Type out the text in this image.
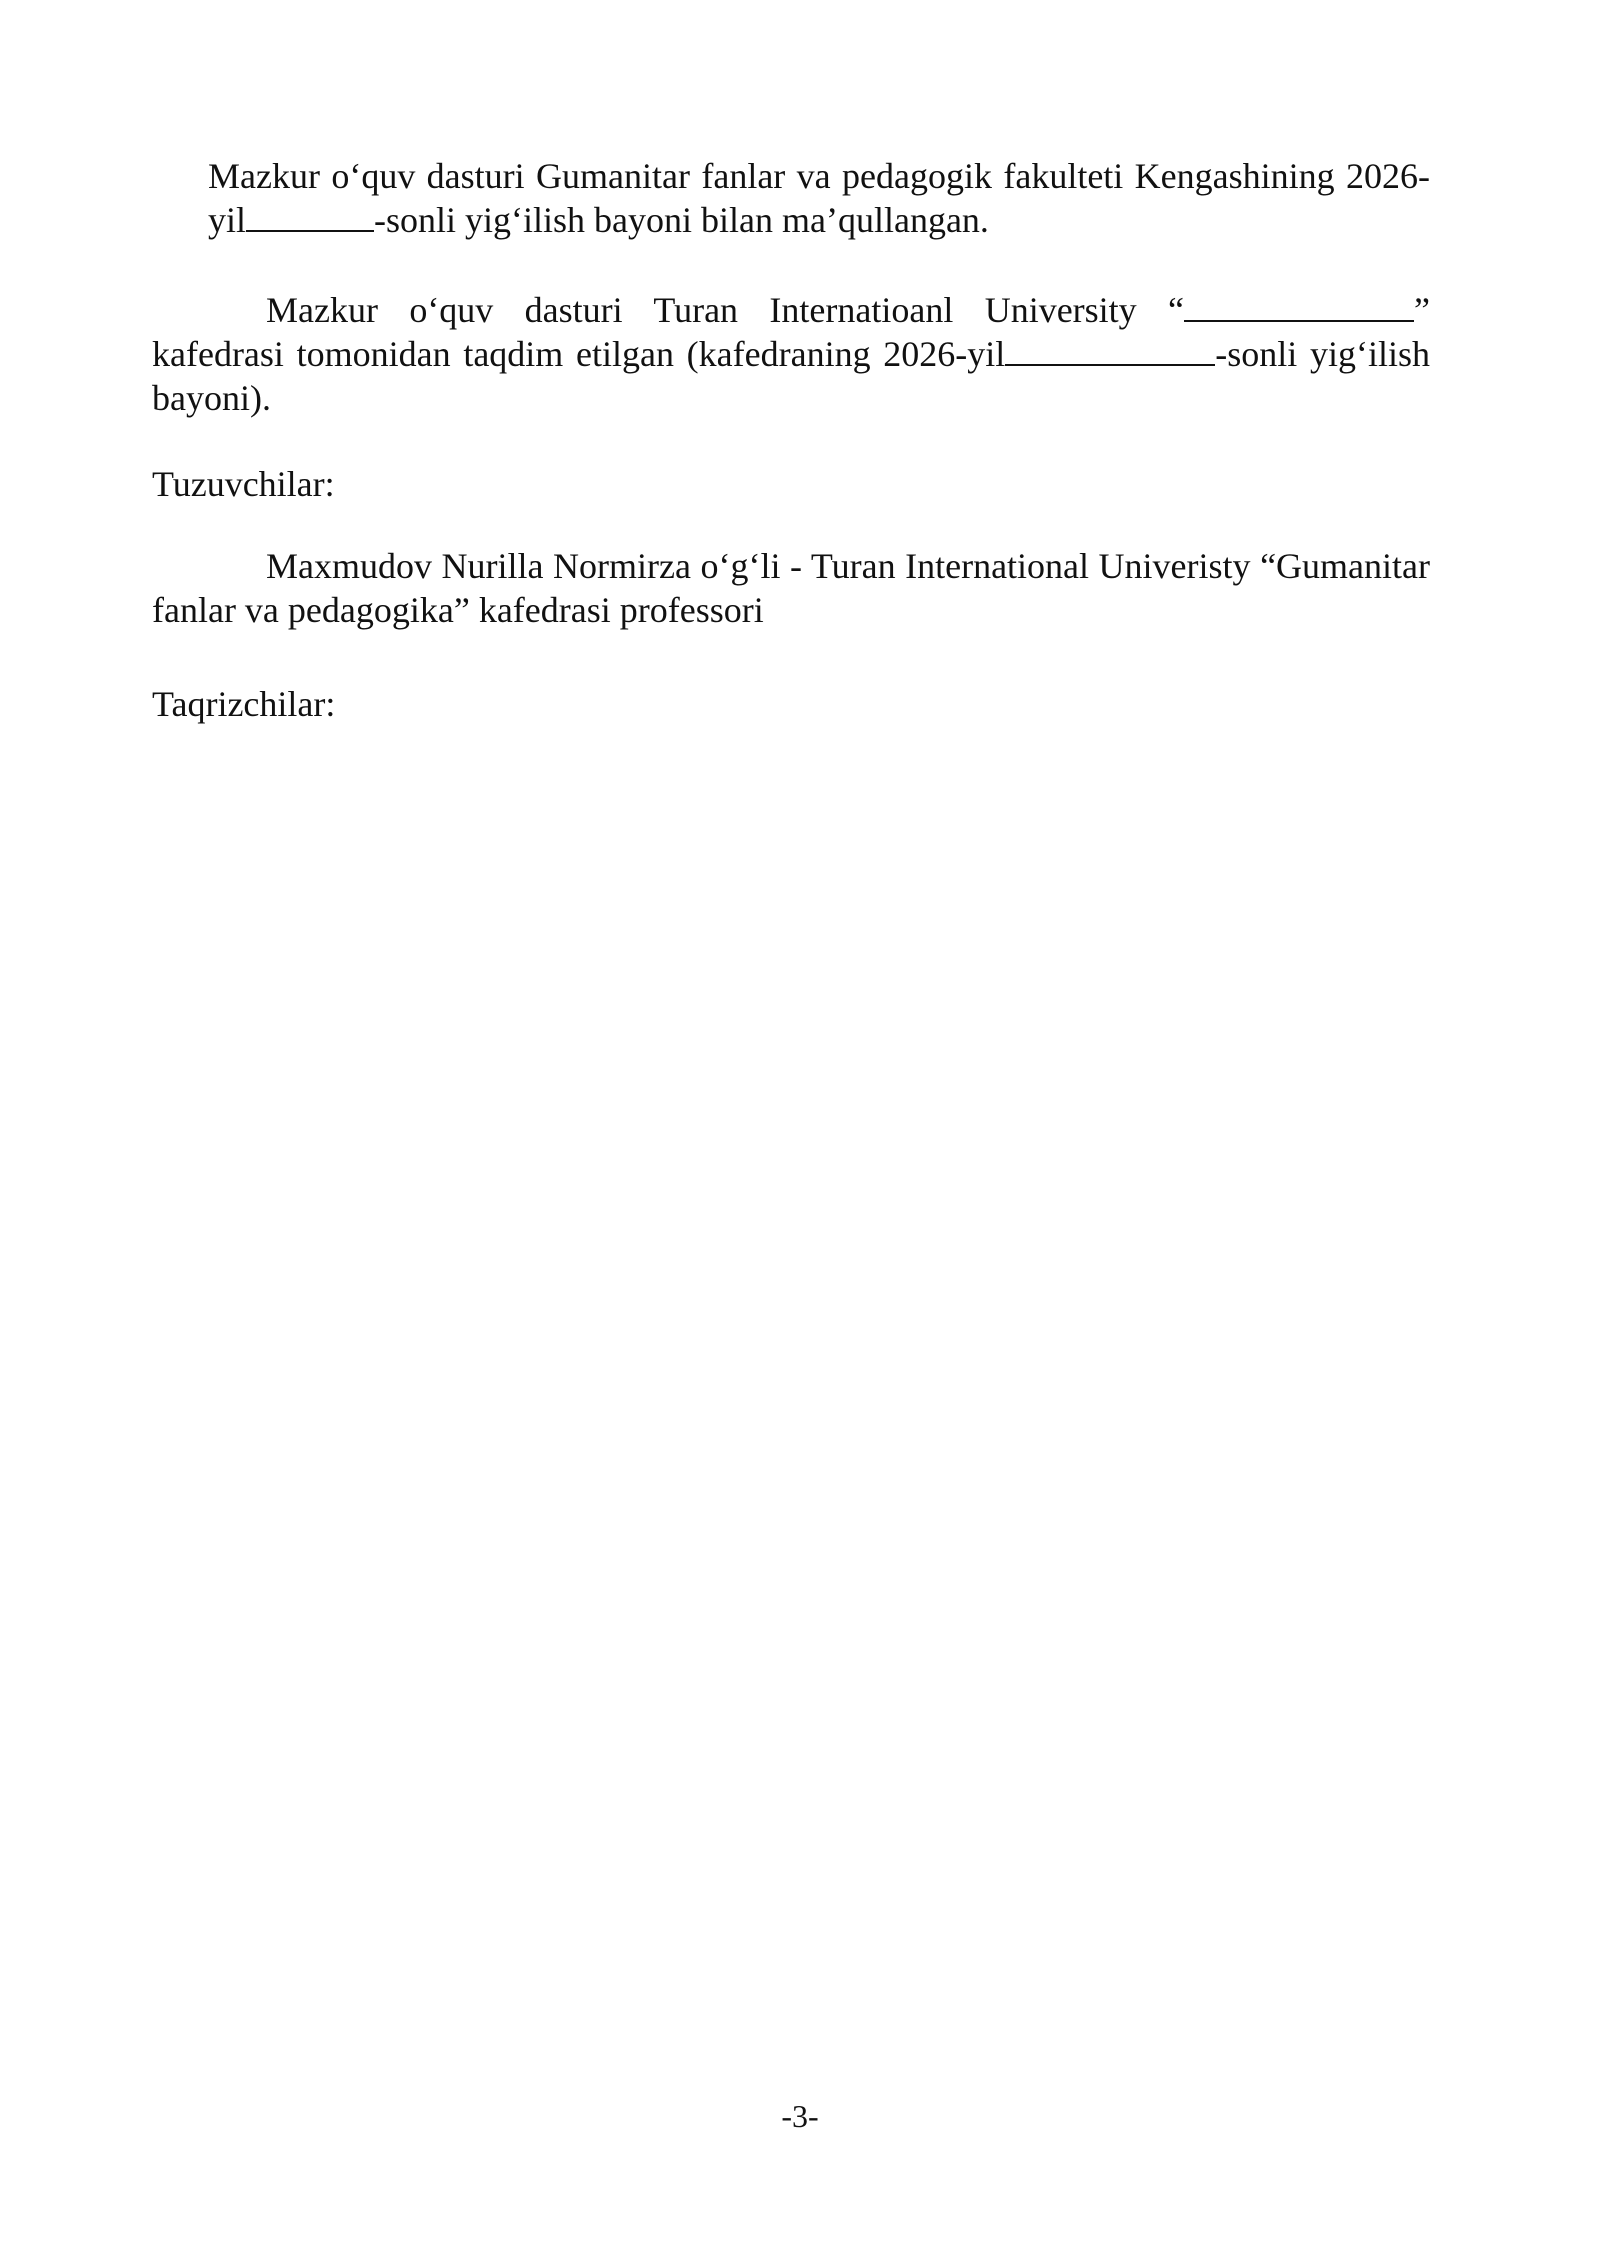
Mazkur o‘quv dasturi Gumanitar fanlar va pedagogik fakulteti Kengashining 2026-yil	-sonli yig‘ilish bayoni bilan ma’qullangan.

Mazkur o‘quv dasturi Turan Internatioanl University “	” kafedrasi tomonidan taqdim etilgan (kafedraning 2026-yil	-sonli yig‘ilish bayoni).

Tuzuvchilar:

Maxmudov Nurilla Normirza o‘g‘li - Turan International Univeristy “Gumanitar fanlar va pedagogika” kafedrasi professori

Taqrizchilar:

-3-
